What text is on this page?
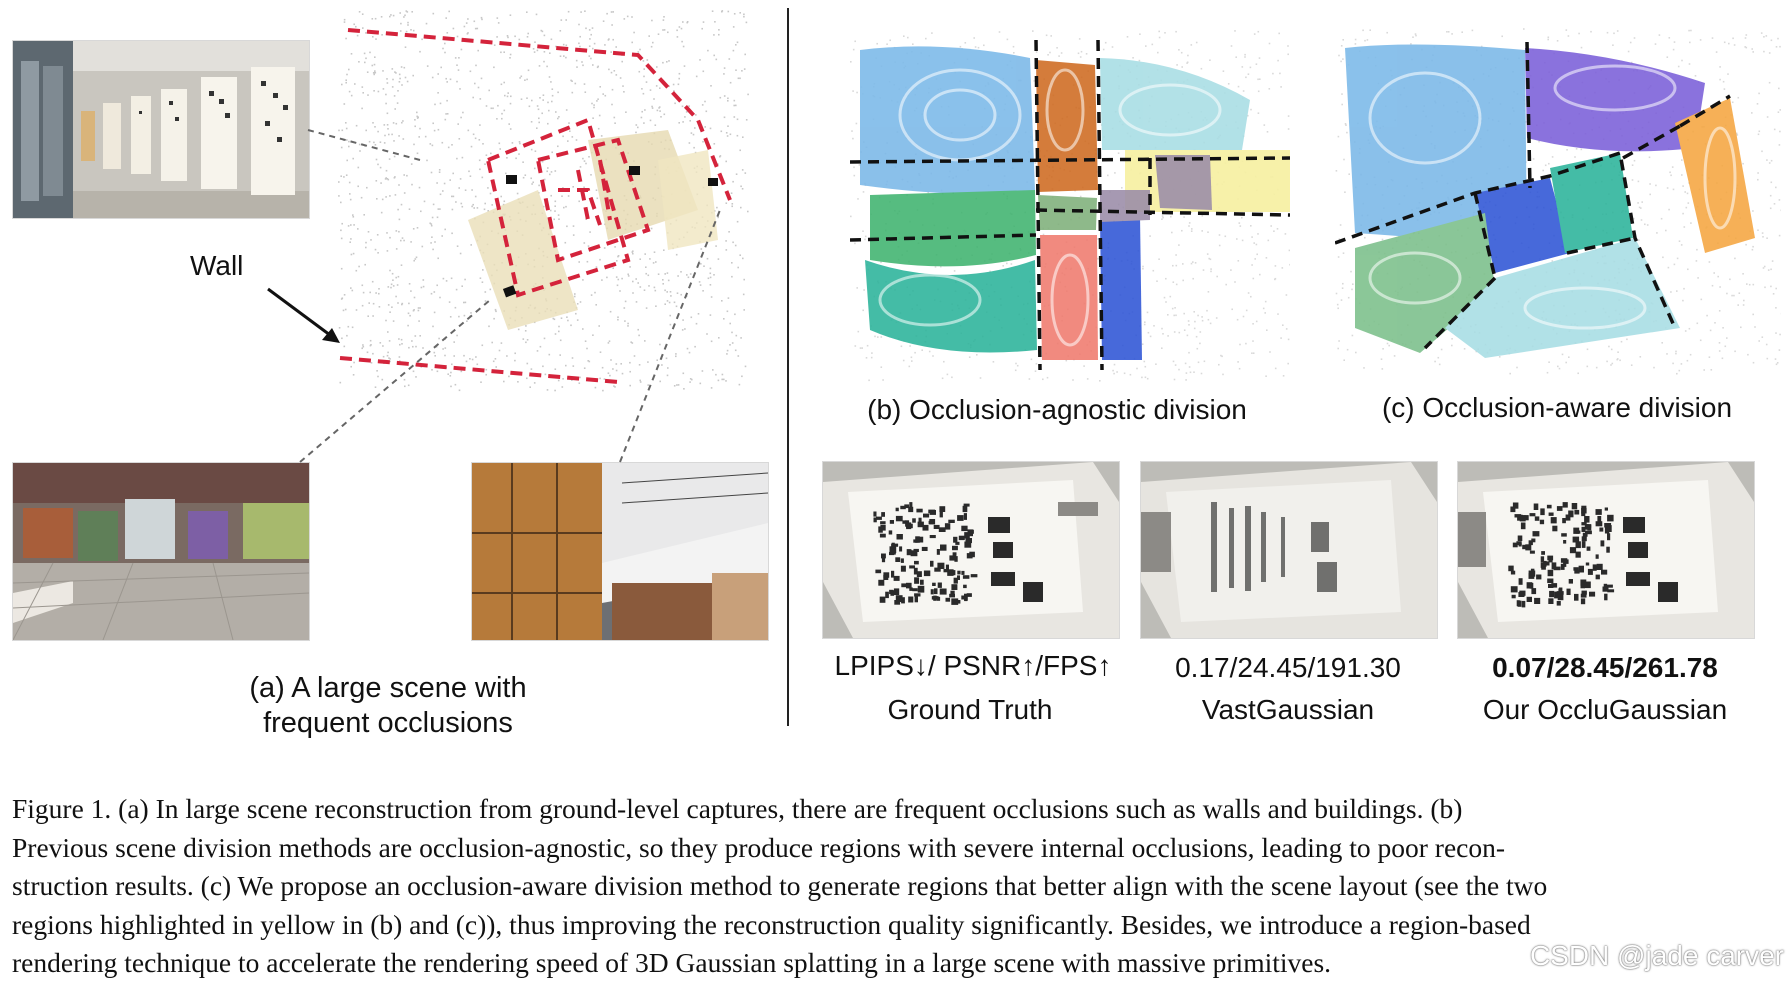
Wall
(a) A large scene with
frequent occlusions
(b) Occlusion-agnostic division	(c) Occlusion-aware division
LPIPS↓/ PSNR↑/FPS↑	0.17/24.45/191.30	0.07/28.45/261.78
Ground Truth	VastGaussian	Our OccluGaussian
Figure 1. (a) In large scene reconstruction from ground-level captures, there are frequent occlusions such as walls and buildings. (b)
Previous scene division methods are occlusion-agnostic, so they produce regions with severe internal occlusions, leading to poor recon-
struction results. (c) We propose an occlusion-aware division method to generate regions that better align with the scene layout (see the two
regions highlighted in yellow in (b) and (c)), thus improving the reconstruction quality significantly. Besides, we introduce a region-based
rendering technique to accelerate the rendering speed of 3D Gaussian splatting in a large scene with massive primitives.	CSDN @jade carver
